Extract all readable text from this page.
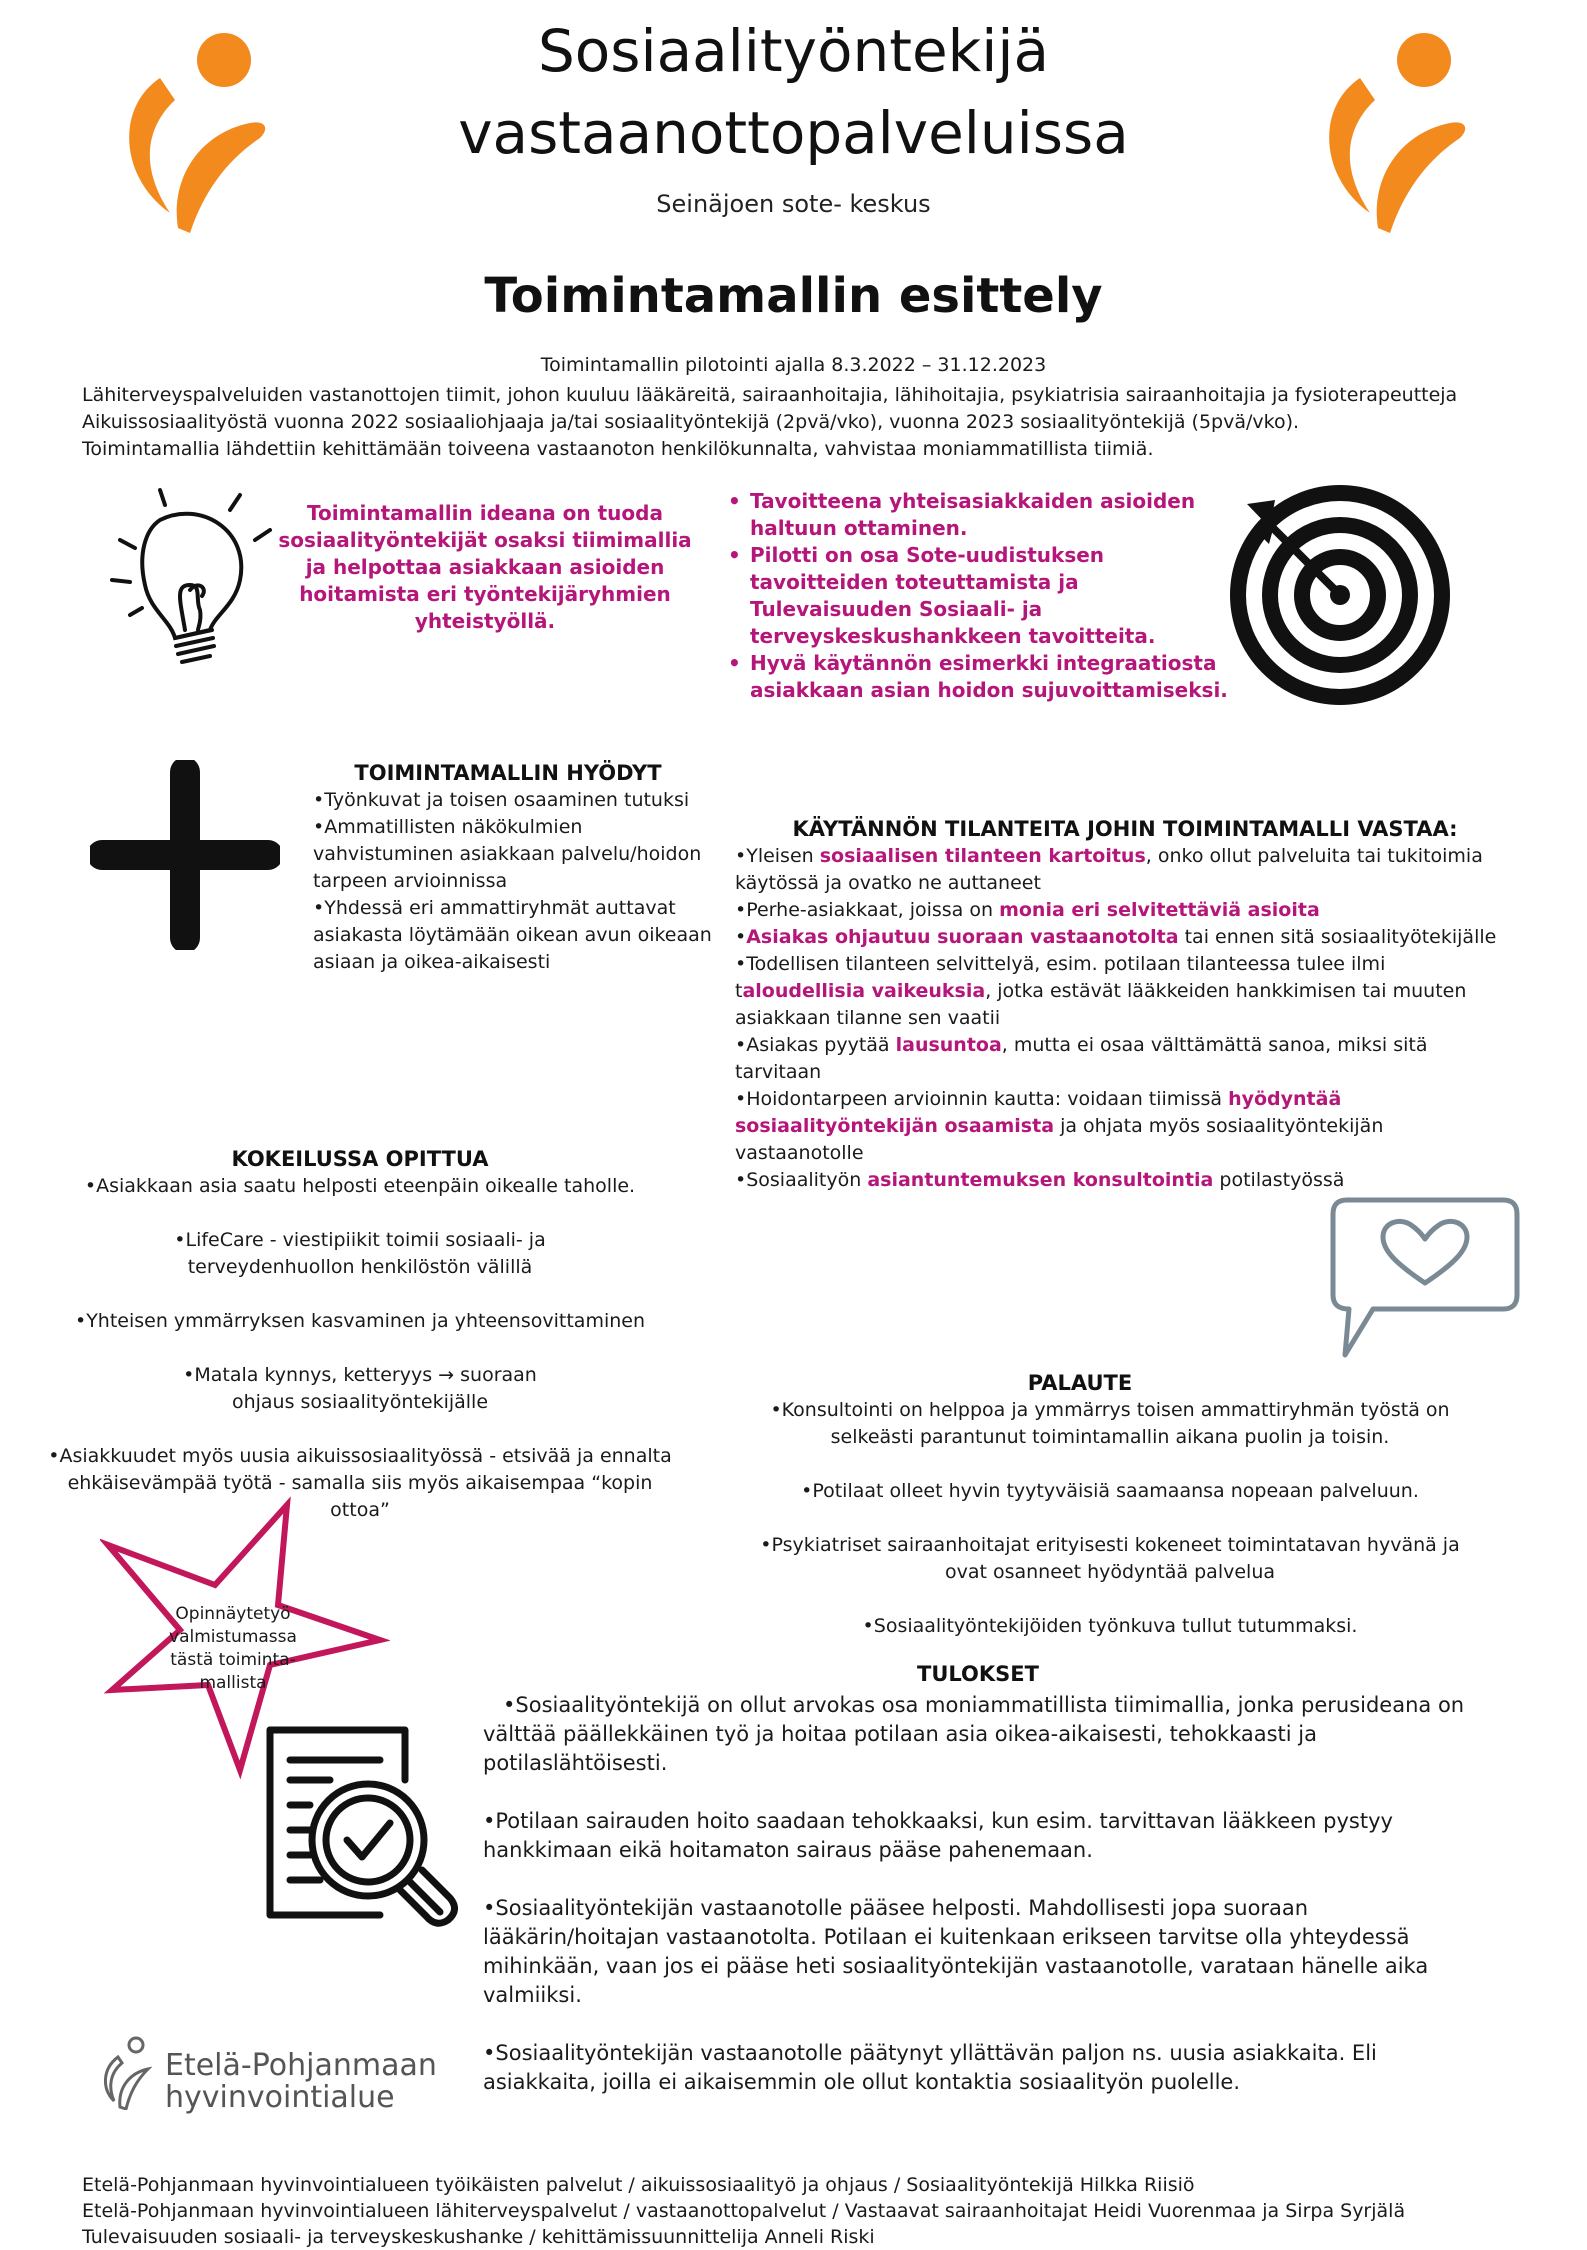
Sosiaalityöntekijä
vastaanottopalveluissa
Seinäjoen sote- keskus
Toimintamallin esittely
Toimintamallin pilotointi ajalla 8.3.2022 – 31.12.2023
Lähiterveyspalveluiden vastanottojen tiimit, johon kuuluu lääkäreitä, sairaanhoitajia, lähihoitajia, psykiatrisia sairaanhoitajia ja fysioterapeutteja
Aikuissosiaalityöstä vuonna 2022 sosiaaliohjaaja ja/tai sosiaalityöntekijä (2pvä/vko), vuonna 2023 sosiaalityöntekijä (5pvä/vko).
Toimintamallia lähdettiin kehittämään toiveena vastaanoton henkilökunnalta, vahvistaa moniammatillista tiimiä.
Toimintamallin ideana on tuoda sosiaalityöntekijät osaksi tiimimallia ja helpottaa asiakkaan asioiden hoitamista eri työntekijäryhmien yhteistyöllä.
• Tavoitteena yhteisasiakkaiden asioiden haltuun ottaminen.
• Pilotti on osa Sote-uudistuksen tavoitteiden toteuttamista ja Tulevaisuuden Sosiaali- ja terveyskeskushankkeen tavoitteita.
• Hyvä käytännön esimerkki integraatiosta asiakkaan asian hoidon sujuvoittamiseksi.
TOIMINTAMALLIN HYÖDYT
•Työnkuvat ja toisen osaaminen tutuksi
•Ammatillisten näkökulmien vahvistuminen asiakkaan palvelu/hoidon tarpeen arvioinnissa
•Yhdessä eri ammattiryhmät auttavat asiakasta löytämään oikean avun oikeaan asiaan ja oikea-aikaisesti
KÄYTÄNNÖN TILANTEITA JOHIN TOIMINTAMALLI VASTAA:
•Yleisen sosiaalisen tilanteen kartoitus, onko ollut palveluita tai tukitoimia käytössä ja ovatko ne auttaneet
•Perhe-asiakkaat, joissa on monia eri selvitettäviä asioita
•Asiakas ohjautuu suoraan vastaanotolta tai ennen sitä sosiaalityötekijälle
•Todellisen tilanteen selvittelyä, esim. potilaan tilanteessa tulee ilmi taloudellisia vaikeuksia, jotka estävät lääkkeiden hankkimisen tai muuten asiakkaan tilanne sen vaatii
•Asiakas pyytää lausuntoa, mutta ei osaa välttämättä sanoa, miksi sitä tarvitaan
•Hoidontarpeen arvioinnin kautta: voidaan tiimissä hyödyntää sosiaalityöntekijän osaamista ja ohjata myös sosiaalityöntekijän vastaanotolle
•Sosiaalityön asiantuntemuksen konsultointia potilastyössä
KOKEILUSSA OPITTUA
•Asiakkaan asia saatu helposti eteenpäin oikealle taholle.
•LifeCare - viestipiikit toimii sosiaali- ja terveydenhuollon henkilöstön välillä
•Yhteisen ymmärryksen kasvaminen ja yhteensovittaminen
•Matala kynnys, ketteryys → suoraan ohjaus sosiaalityöntekijälle
•Asiakkuudet myös uusia aikuissosiaalityössä - etsivää ja ennalta ehkäisevämpää työtä - samalla siis myös aikaisempaa “kopin ottoa”
PALAUTE
•Konsultointi on helppoa ja ymmärrys toisen ammattiryhmän työstä on selkeästi parantunut toimintamallin aikana puolin ja toisin.
•Potilaat olleet hyvin tyytyväisiä saamaansa nopeaan palveluun.
•Psykiatriset sairaanhoitajat erityisesti kokeneet toimintatavan hyvänä ja ovat osanneet hyödyntää palvelua
•Sosiaalityöntekijöiden työnkuva tullut tutummaksi.
Opinnäytetyö valmistumassa tästä toiminta-mallista	TULOKSET
•Sosiaalityöntekijä on ollut arvokas osa moniammatillista tiimimallia, jonka perusideana on välttää päällekkäinen työ ja hoitaa potilaan asia oikea-aikaisesti, tehokkaasti ja potilaslähtöisesti.
•Potilaan sairauden hoito saadaan tehokkaaksi, kun esim. tarvittavan lääkkeen pystyy hankkimaan eikä hoitamaton sairaus pääse pahenemaan.
•Sosiaalityöntekijän vastaanotolle pääsee helposti. Mahdollisesti jopa suoraan lääkärin/hoitajan vastaanotolta. Potilaan ei kuitenkaan erikseen tarvitse olla yhteydessä mihinkään, vaan jos ei pääse heti sosiaalityöntekijän vastaanotolle, varataan hänelle aika valmiiksi.
•Sosiaalityöntekijän vastaanotolle päätynyt yllättävän paljon ns. uusia asiakkaita. Eli asiakkaita, joilla ei aikaisemmin ole ollut kontaktia sosiaalityön puolelle.
Etelä-Pohjanmaan
hyvinvointialue
Etelä-Pohjanmaan hyvinvointialueen työikäisten palvelut / aikuissosiaalityö ja ohjaus / Sosiaalityöntekijä Hilkka Riisiö
Etelä-Pohjanmaan hyvinvointialueen lähiterveyspalvelut / vastaanottopalvelut / Vastaavat sairaanhoitajat Heidi Vuorenmaa ja Sirpa Syrjälä
Tulevaisuuden sosiaali- ja terveyskeskushanke / kehittämissuunnittelija Anneli Riski
